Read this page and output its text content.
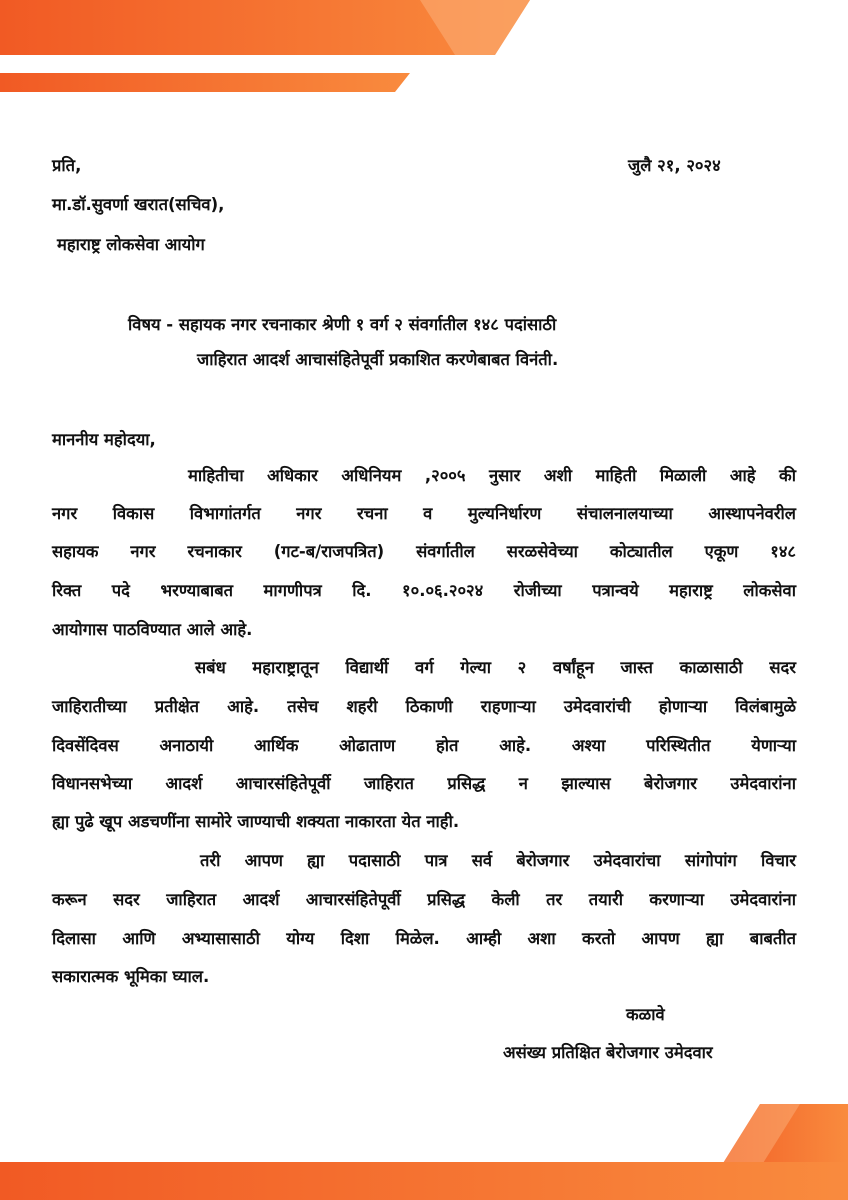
प्रति,	जुलै २१, २०२४
मा.डॉ.सुवर्णा खरात(सचिव),
महाराष्ट्र लोकसेवा आयोग
विषय - सहायक नगर रचनाकार श्रेणी १ वर्ग २ संवर्गातील १४८ पदांसाठी
जाहिरात आदर्श आचासंहितेपूर्वी प्रकाशित करणेबाबत विनंती.
माननीय महोदया,
माहितीचा अधिकार अधिनियम ,२००५ नुसार अशी माहिती मिळाली आहे की
नगर विकास विभागांतर्गत नगर रचना व मुल्यनिर्धारण संचालनालयाच्या आस्थापनेवरील
सहायक नगर रचनाकार (गट-ब/राजपत्रित) संवर्गातील सरळसेवेच्या कोट्यातील एकूण १४८
रिक्त पदे भरण्याबाबत मागणीपत्र दि. १०.०६.२०२४ रोजीच्या पत्रान्वये महाराष्ट्र लोकसेवा
आयोगास पाठविण्यात आले आहे.
सबंध महाराष्ट्रातून विद्यार्थी वर्ग गेल्या २ वर्षांहून जास्त काळासाठी सदर
जाहिरातीच्या प्रतीक्षेत आहे. तसेच शहरी ठिकाणी राहणाऱ्या उमेदवारांची होणाऱ्या विलंबामुळे
दिवसेंदिवस अनाठायी आर्थिक ओढाताण होत आहे. अश्या परिस्थितीत येणाऱ्या
विधानसभेच्या आदर्श आचारसंहितेपूर्वी जाहिरात प्रसिद्ध न झाल्यास बेरोजगार उमेदवारांना
ह्या पुढे खूप अडचणींना सामोरे जाण्याची शक्यता नाकारता येत नाही.
तरी आपण ह्या पदासाठी पात्र सर्व बेरोजगार उमेदवारांचा सांगोपांग विचार
करून सदर जाहिरात आदर्श आचारसंहितेपूर्वी प्रसिद्ध केली तर तयारी करणाऱ्या उमेदवारांना
दिलासा आणि अभ्यासासाठी योग्य दिशा मिळेल. आम्ही अशा करतो आपण ह्या बाबतीत
सकारात्मक भूमिका घ्याल.
कळावे
असंख्य प्रतिक्षित बेरोजगार उमेदवार
